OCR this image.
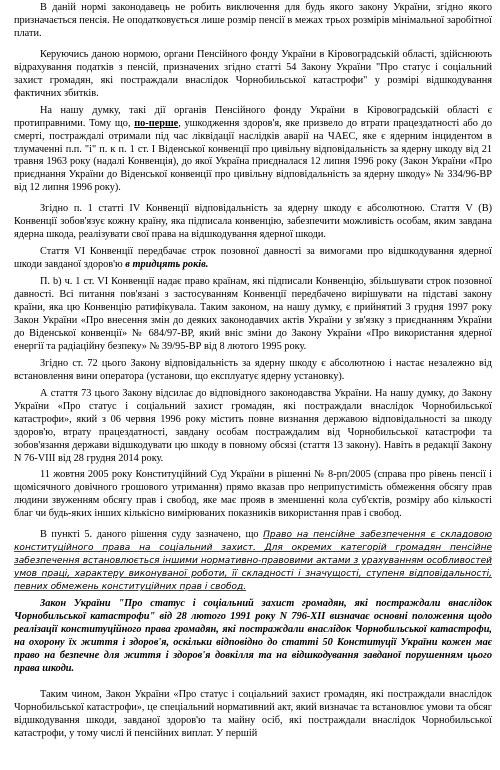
В даній нормі законодавець не робить виключення для будь якого закону України, згідно якого призначається пенсія. Не оподатковується лише розмір пенсії в межах трьох розмірів мінімальної заробітної плати.

Керуючись даною нормою, органи Пенсійного фонду України в Кіровоградській області, здійснюють відрахування податків з пенсій, призначених згідно статті 54 Закону України "Про статус і соціальний захист громадян, які постраждали внаслідок Чорнобильської катастрофи" у розмірі відшкодування фактичних збитків.

На нашу думку, такі дії органів Пенсійного фонду України в Кіровоградській області є протиправними. Тому що, по-перше, ушкодження здоров'я, яке призвело до втрати працездатності або до смерті, постраждалі отримали під час ліквідації наслідків аварії на ЧАЕС, яке є ядерним інцидентом в тлумаченні п.п. "і" п. к п. 1 ст. I Віденської конвенції про цивільну відповідальність за ядерну шкоду від 21 травня 1963 року (надалі Конвенція), до якої Україна приєдналася 12 липня 1996 року (Закон України «Про приєднання України до Віденської конвенції про цивільну відповідальність за ядерну шкоду» № 334/96-ВР від 12 липня 1996 року).

Згідно п. 1 статті IV Конвенції відповідальність за ядерну шкоду є абсолютною. Стаття V (В) Конвенції зобов'язує кожну країну, яка підписала конвенцію, забезпечити можливість особам, яким завдана ядерна шкода, реалізувати свої права на відшкодування ядерної шкоди.

Стаття VI Конвенції передбачає строк позовної давності за вимогами про відшкодування ядерної шкоди завданої здоров'ю в тридцять років.

П. b) ч. 1 ст. VI Конвенції надає право країнам, які підписали Конвенцію, збільшувати строк позовної давності. Всі питання пов'язані з застосуванням Конвенції передбачено вирішувати на підставі закону країни, яка цю Конвенцію ратифікувала. Таким законом, на нашу думку, є прийнятий 3 грудня 1997 року Закон України «Про внесення змін до деяких законодавчих актів України у зв'язку з приєднанням України до Віденської конвенції» № 684/97-ВР, який вніс зміни до Закону України «Про використання ядерної енергії та радіаційну безпеку» № 39/95-ВР від 8 лютого 1995 року.

Згідно ст. 72 цього Закону відповідальність за ядерну шкоду є абсолютною і настає незалежно від встановлення вини оператора (установи, що експлуатує ядерну установку).

А стаття 73 цього Закону відсилає до відповідного законодавства України. На нашу думку, до Закону України «Про статус і соціальний захист громадян, які постраждали внаслідок Чорнобильської катастрофи», який з 06 червня 1996 року містить повне визнання державою відповідальності за шкоду здоров'ю, втрату працездатності, завдану особам постраждалим від Чорнобильської катастрофи та зобов'язання держави відшкодувати цю шкоду в повному обсязі (стаття 13 закону). Навіть в редакції Закону N 76-VIII від 28 грудня 2014 року.

11 жовтня 2005 року Конституційний Суд України в рішенні № 8-рп/2005 (справа про рівень пенсії і щомісячного довічного грошового утримання) прямо вказав про неприпустимість обмеження обсягу прав людини звуженням обсягу прав і свобод, яке має прояв в зменшенні кола суб'єктів, розміру або кількості благ чи будь-яких інших кількісно вимірюваних показників використання прав і свобод.

В пункті 5. даного рішення суду зазначено, що Право на пенсійне забезпечення є складовою конституційного права на соціальний захист. Для окремих категорій громадян пенсійне забезпечення встановлюється іншими нормативно-правовими актами з урахуванням особливостей умов праці, характеру виконуваної роботи, її складності і значущості, ступеня відповідальності, певних обмежень конституційних прав і свобод.

Закон України "Про статус і соціальний захист громадян, які постраждали внаслідок Чорнобильської катастрофи" від 28 лютого 1991 року N 796-XII визначає основні положення щодо реалізації конституційного права громадян, які постраждали внаслідок Чорнобильської катастрофи, на охорону їх життя і здоров'я, оскільки відповідно до статті 50 Конституції України кожен має право на безпечне для життя і здоров'я довкілля та на відшкодування завданої порушенням цього права шкоди.

Таким чином, Закон України «Про статус і соціальний захист громадян, які постраждали внаслідок Чорнобильської катастрофи», це спеціальний нормативний акт, який визначає та встановлює умови та обсяг відшкодування шкоди, завданої здоров'ю та майну осіб, які постраждали внаслідок Чорнобильської катастрофи, у тому числі й пенсійних виплат. У першій
